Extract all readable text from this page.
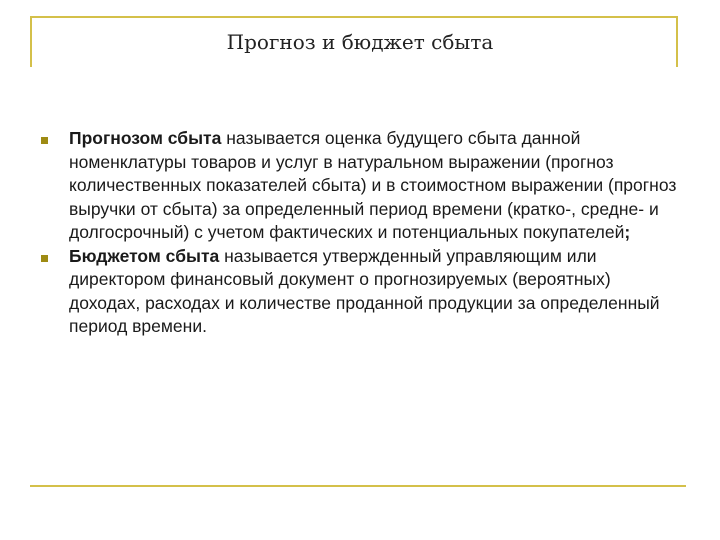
Прогноз и бюджет сбыта
Прогнозом сбыта называется оценка будущего сбыта данной номенклатуры товаров и услуг в натуральном выражении (прогноз количественных показателей сбыта) и в стоимостном выражении (прогноз выручки от сбыта) за определенный период времени (кратко-, средне- и долгосрочный) с учетом фактических и потенциальных покупателей;
Бюджетом сбыта называется утвержденный управляющим или директором финансовый документ о прогнозируемых (вероятных) доходах, расходах и количестве проданной продукции за определенный период времени.
